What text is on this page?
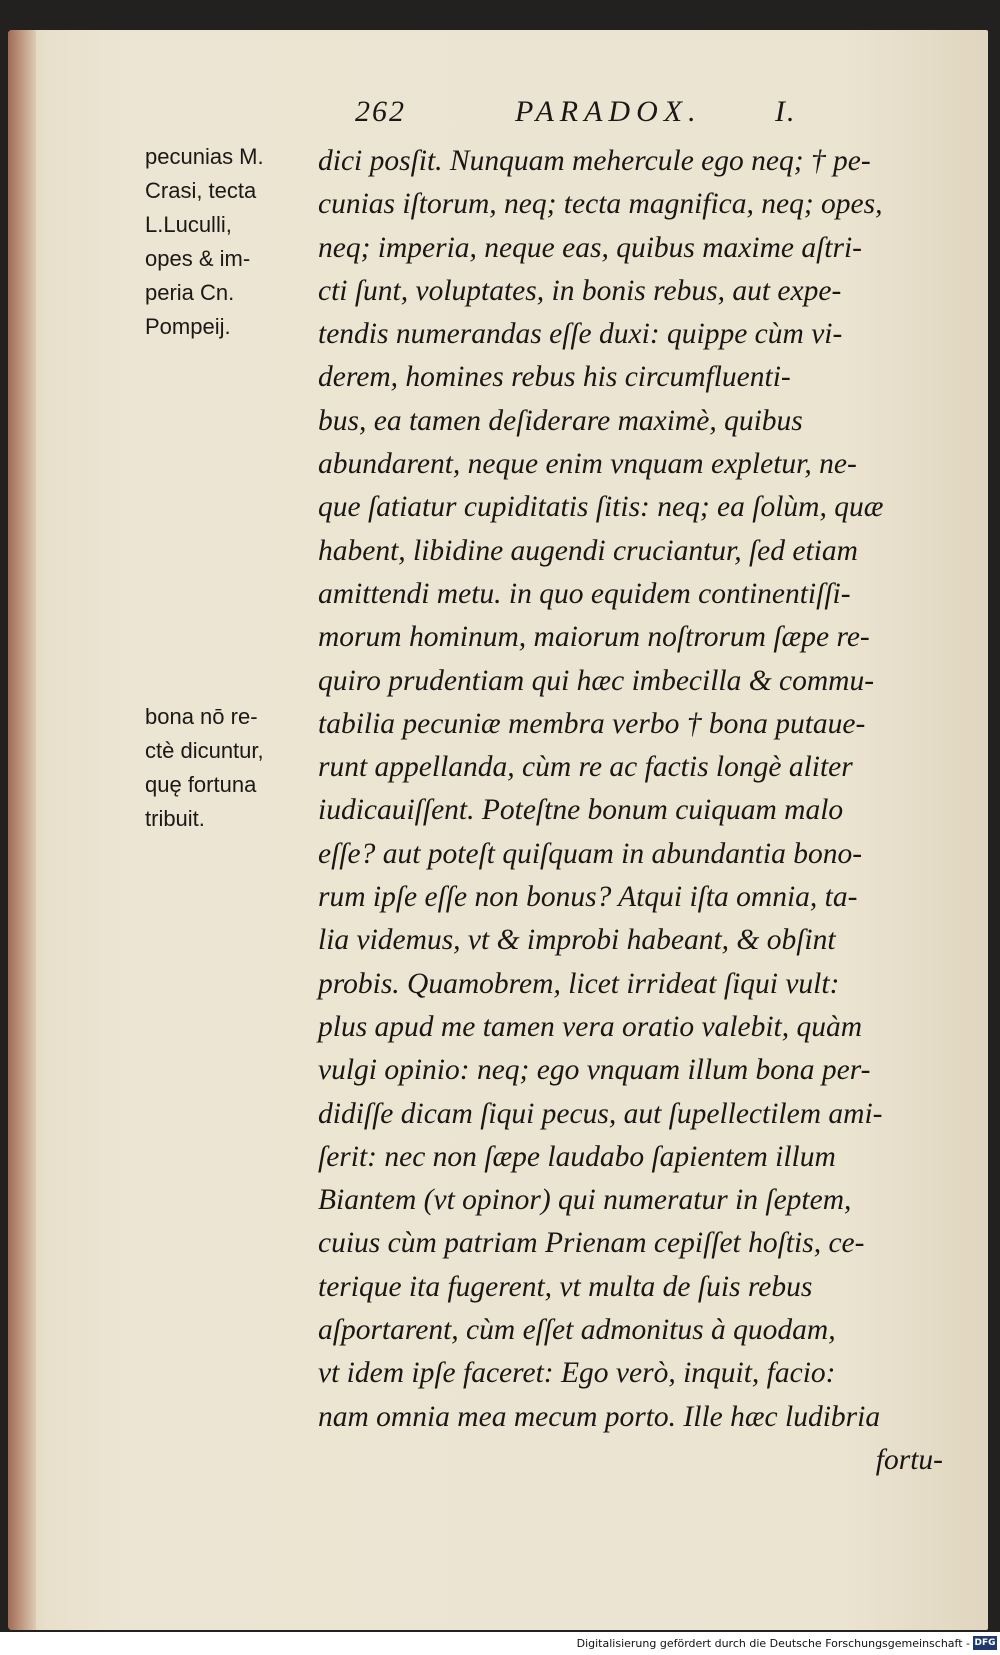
262	PARADOX. I.
pecunias M.
Crasi, tecta
L.Luculli,
opes & im-
peria Cn.
Pompeij.
bona nō re-
ctè dicuntur,
quę fortuna
tribuit.
dici posſit. Nunquam mehercule ego neq; † pe-
cunias iſtorum, neq; tecta magnifica, neq; opes,
neq; imperia, neque eas, quibus maxime aſtri-
cti ſunt, voluptates, in bonis rebus, aut expe-
tendis numerandas eſſe duxi: quippe cùm vi-
derem, homines rebus his circumfluenti-
bus, ea tamen deſiderare maximè, quibus
abundarent, neque enim vnquam expletur, ne-
que ſatiatur cupiditatis ſitis: neq; ea ſolùm, quæ
habent, libidine augendi cruciantur, ſed etiam
amittendi metu. in quo equidem continentiſſi-
morum hominum, maiorum noſtrorum ſæpe re-
quiro prudentiam qui hæc imbecilla & commu-
tabilia pecuniæ membra verbo † bona putaue-
runt appellanda, cùm re ac factis longè aliter
iudicauiſſent. Poteſtne bonum cuiquam malo
eſſe? aut poteſt quiſquam in abundantia bono-
rum ipſe eſſe non bonus? Atqui iſta omnia, ta-
lia videmus, vt & improbi habeant, & obſint
probis. Quamobrem, licet irrideat ſiqui vult:
plus apud me tamen vera oratio valebit, quàm
vulgi opinio: neq; ego vnquam illum bona per-
didiſſe dicam ſiqui pecus, aut ſupellectilem ami-
ſerit: nec non ſæpe laudabo ſapientem illum
Biantem (vt opinor) qui numeratur in ſeptem,
cuius cùm patriam Prienam cepiſſet hoſtis, ce-
terique ita fugerent, vt multa de ſuis rebus
aſportarent, cùm eſſet admonitus à quodam,
vt idem ipſe faceret: Ego verò, inquit, facio:
nam omnia mea mecum porto. Ille hæc ludibria
fortu-
Digitalisierung gefördert durch die Deutsche Forschungsgemeinschaft - DFG
